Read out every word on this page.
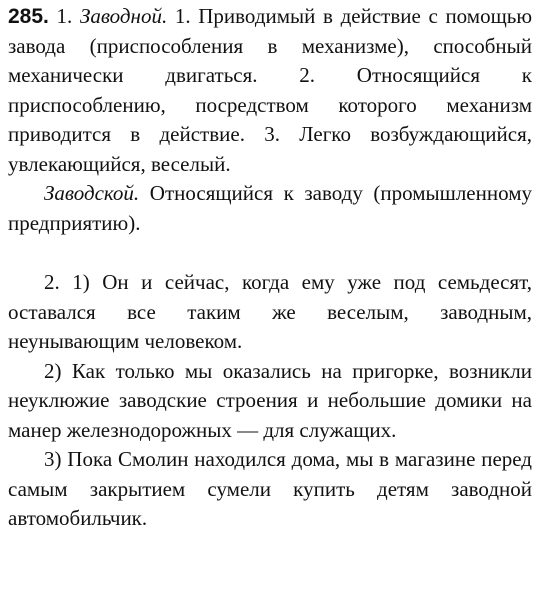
285. 1. Заводной. 1. Приводимый в действие с помощью завода (приспособления в механизме), способный механически двигаться. 2. Относящийся к приспособлению, посредством которого механизм приводится в действие. 3. Легко возбуждающийся, увлекающийся, веселый.

Заводской. Относящийся к заводу (промышленному предприятию).

2. 1) Он и сейчас, когда ему уже под семьдесят, оставался все таким же веселым, заводным, неунывающим человеком.

2) Как только мы оказались на пригорке, возникли неуклюжие заводские строения и небольшие домики на манер железнодорожных — для служащих.

3) Пока Смолин находился дома, мы в магазине перед самым закрытием сумели купить детям заводной автомобильчик.
